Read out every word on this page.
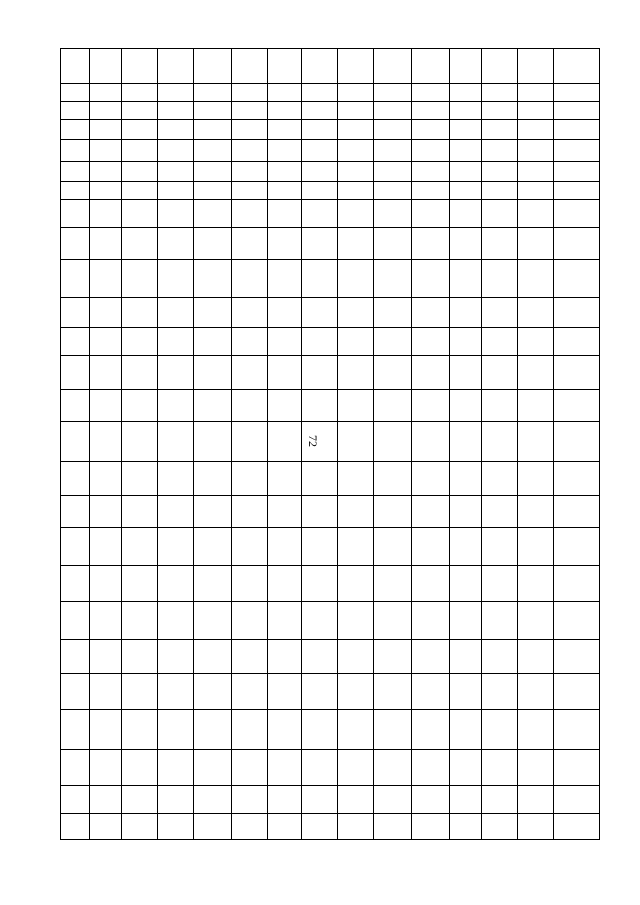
72
